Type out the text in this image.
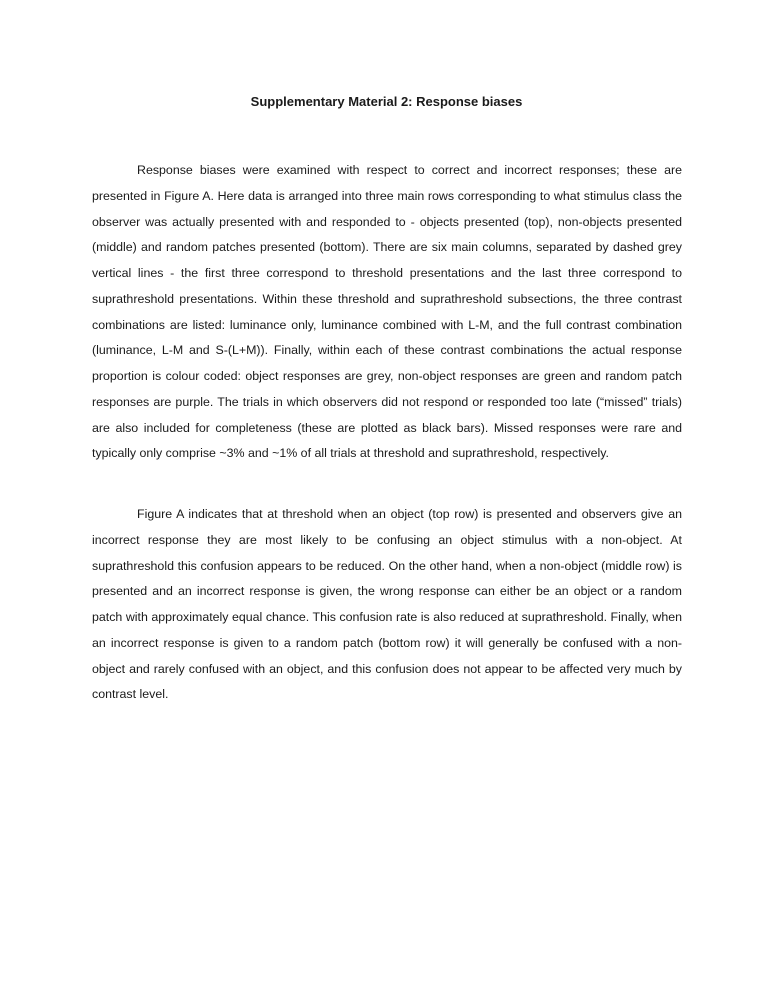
Supplementary Material 2: Response biases

Response biases were examined with respect to correct and incorrect responses; these are presented in Figure A. Here data is arranged into three main rows corresponding to what stimulus class the observer was actually presented with and responded to - objects presented (top), non-objects presented (middle) and random patches presented (bottom). There are six main columns, separated by dashed grey vertical lines - the first three correspond to threshold presentations and the last three correspond to suprathreshold presentations. Within these threshold and suprathreshold subsections, the three contrast combinations are listed: luminance only, luminance combined with L-M, and the full contrast combination (luminance, L-M and S-(L+M)). Finally, within each of these contrast combinations the actual response proportion is colour coded: object responses are grey, non-object responses are green and random patch responses are purple. The trials in which observers did not respond or responded too late (“missed” trials) are also included for completeness (these are plotted as black bars). Missed responses were rare and typically only comprise ~3% and ~1% of all trials at threshold and suprathreshold, respectively.

Figure A indicates that at threshold when an object (top row) is presented and observers give an incorrect response they are most likely to be confusing an object stimulus with a non-object. At suprathreshold this confusion appears to be reduced. On the other hand, when a non-object (middle row) is presented and an incorrect response is given, the wrong response can either be an object or a random patch with approximately equal chance. This confusion rate is also reduced at suprathreshold. Finally, when an incorrect response is given to a random patch (bottom row) it will generally be confused with a non-object and rarely confused with an object, and this confusion does not appear to be affected very much by contrast level.
